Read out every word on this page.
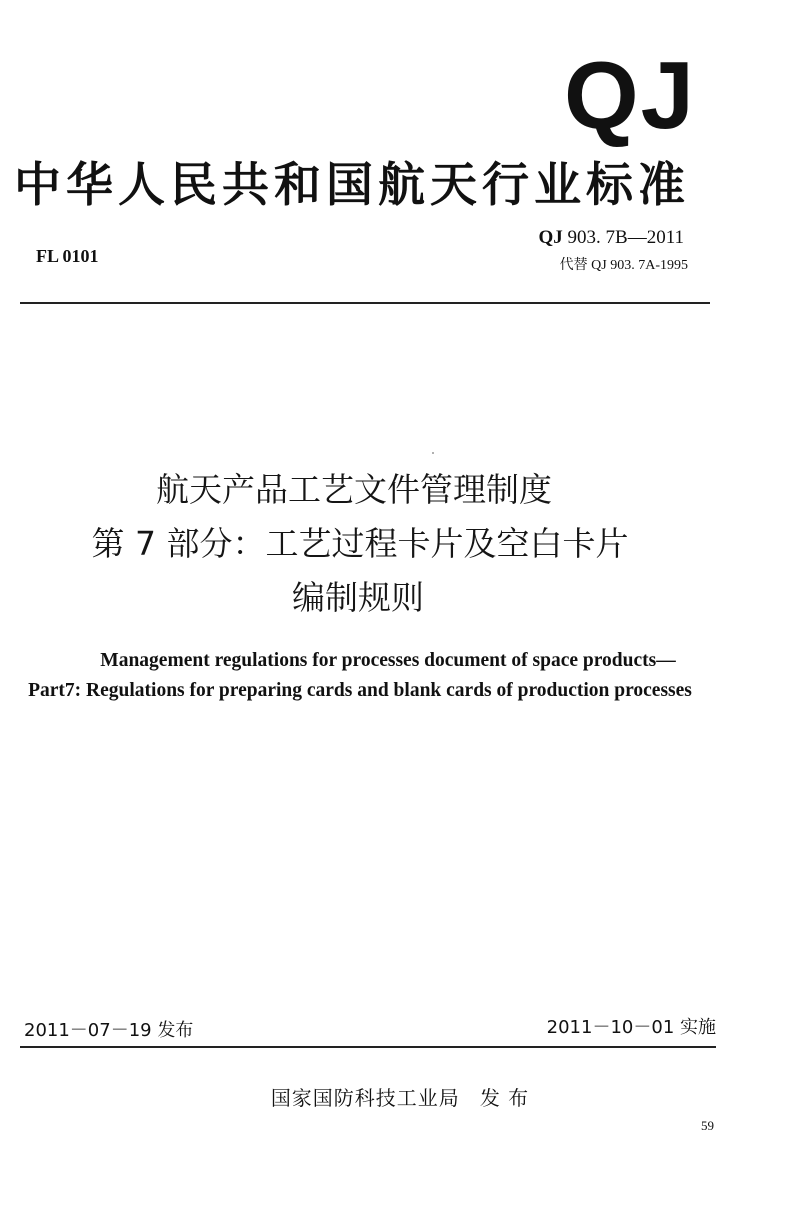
QJ
中华人民共和国航天行业标准
FL 0101
QJ 903. 7B—2011
代替 QJ 903. 7A-1995
航天产品工艺文件管理制度
第 7 部分：工艺过程卡片及空白卡片
编制规则
Management regulations for processes document of space products—
Part7: Regulations for preparing cards and blank cards of production processes
2011－07－19 发布	2011－10－01 实施
国家国防科技工业局 发 布
59
